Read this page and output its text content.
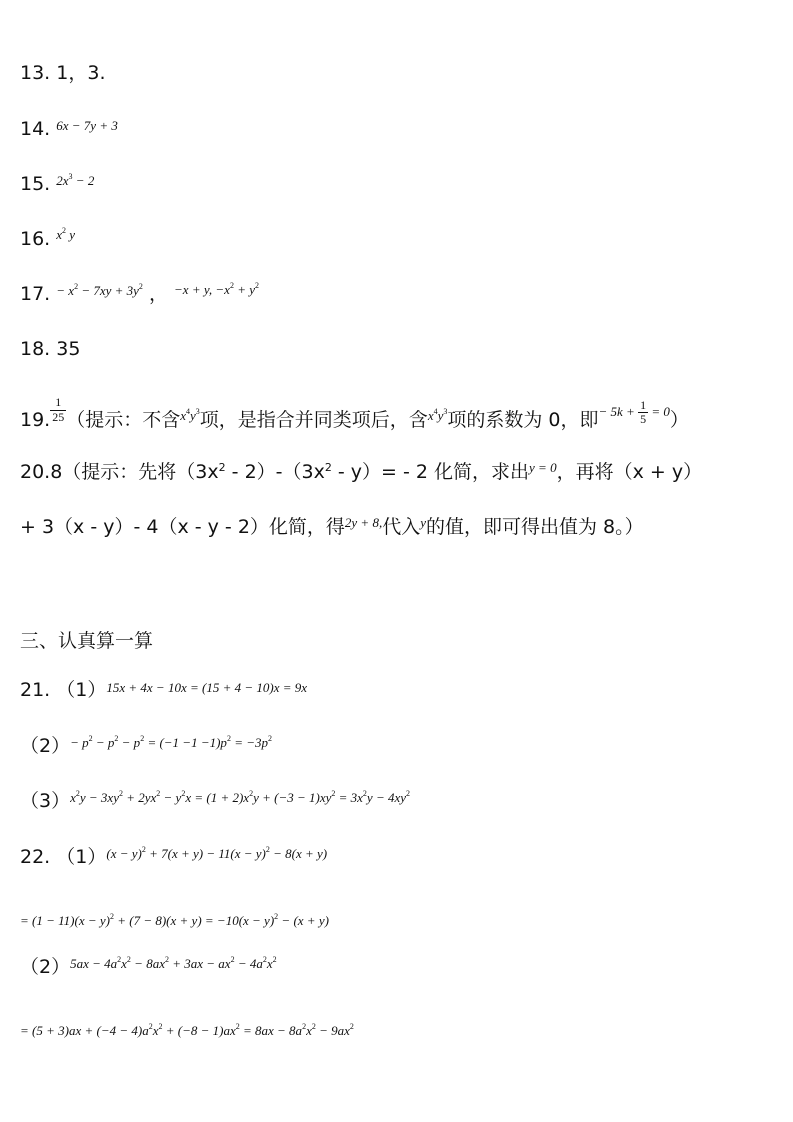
13. 1，3.
14. $^{6x - 7y + 3}$
15. $^{2x^3 - 2}$
16. $^{x^2 y}$
17. $^{- x^2 - 7xy + 3y^2}$ ， $^{-x + y, -x^2 + y^2}$
18. 35
19. $\frac{1}{25}$ （提示：不含$^{x^4y^3}$项，是指合并同类项后，含$^{x^4y^3}$项的系数为 0，即$^{- 5k + \frac{1}{5} = 0}$）
20.8（提示：先将$(3x^2 - 2)-(3x^2 - y)= - 2$ 化简，求出$^{y = 0}$，再将（x + y）
+ 3（x - y）- 4（x - y - 2）化简，得$^{2y + 8,}$代入$^y$的值，即可得出值为 8。）
三、认真算一算
21. $(1)^{15x + 4x - 10x = (15 + 4 - 10)x = 9x}$
$(2)^{- p^2 - p^2 - p^2 = (-1 -1 -1)p^2 = -3p^2}$
$(3)^{x^2y - 3xy^2 + 2yx^2 - y^2x = (1 + 2)x^2y + (-3 - 1)xy^2 = 3x^2y - 4xy^2}$
22. $(1)^{(x - y)^2 + 7(x + y) - 11(x - y)^2 - 8(x + y)}$
= $(1 - 11)(x - y)^2 + (7 - 8)(x + y) = -10(x - y)^2 - (x + y)$
$(2)^{5ax - 4a^2x^2 - 8ax^2 + 3ax - ax^2 - 4a^2x^2}$
= $(5 + 3)ax + (-4 - 4)a^2x^2 + (-8 - 1)ax^2 = 8ax - 8a^2x^2 - 9ax^2$
